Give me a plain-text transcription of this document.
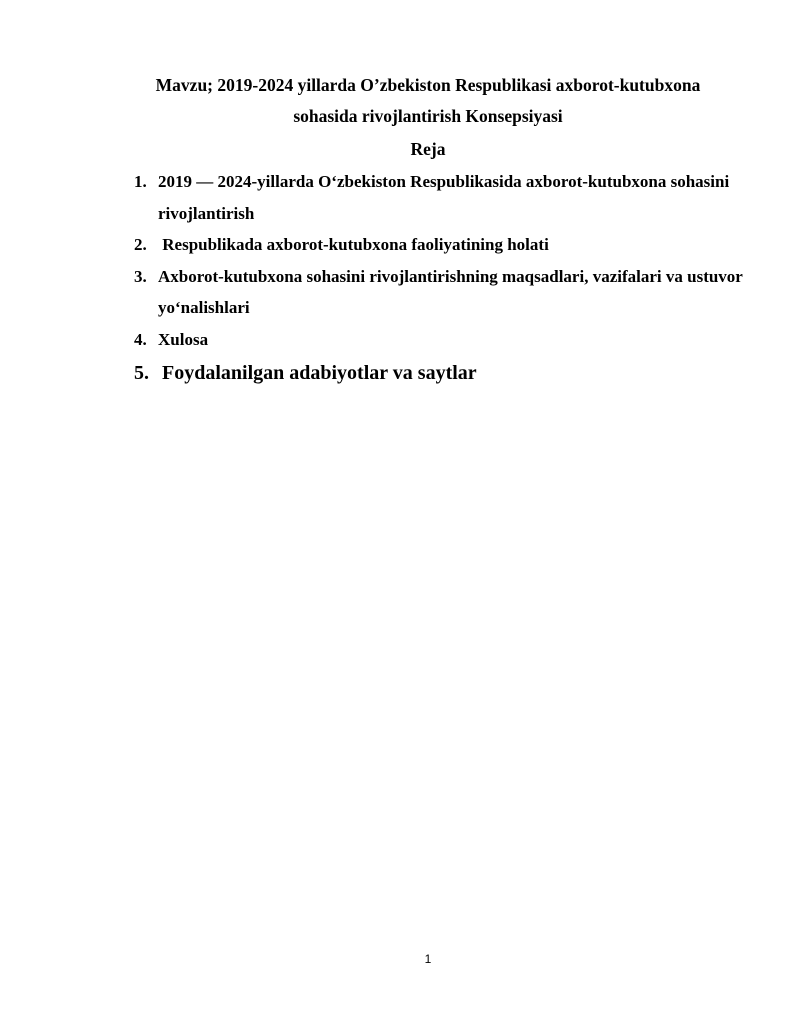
Mavzu; 2019-2024 yillarda O’zbekiston Respublikasi axborot-kutubxona
sohasida rivojlantirish Konsepsiyasi
Reja
1. 2019 — 2024-yillarda O‘zbekiston Respublikasida axborot-kutubxona sohasini rivojlantirish
2. Respublikada axborot-kutubxona faoliyatining holati
3. Axborot-kutubxona sohasini rivojlantirishning maqsadlari, vazifalari va ustuvor yo‘nalishlari
4. Xulosa
5. Foydalanilgan adabiyotlar va saytlar
1
